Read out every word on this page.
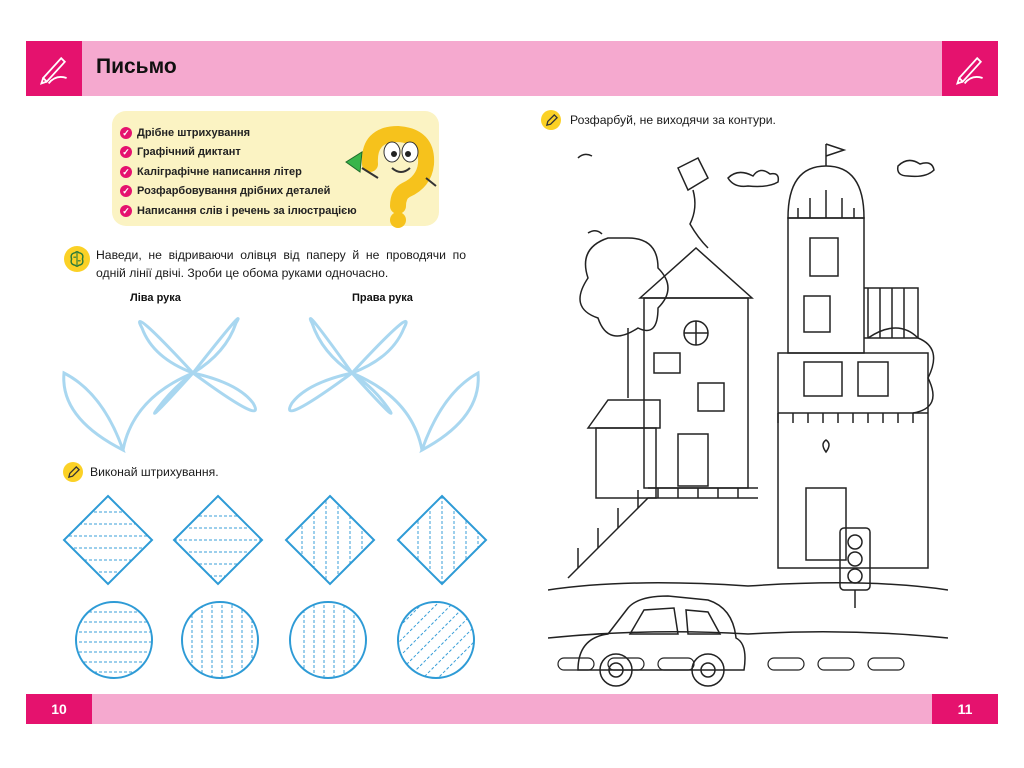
Письмо
✓ Дрібне штрихування
✓ Графічний диктант
✓ Каліграфічне написання літер
✓ Розфарбовування дрібних деталей
✓ Написання слів і речень за ілюстрацією
Наведи, не відриваючи олівця від паперу й не проводячи по одній лінії двічі. Зроби це обома руками одночасно.
Ліва рука	Права рука
Виконай штрихування.
Розфарбуй, не виходячи за контури.
10	11
